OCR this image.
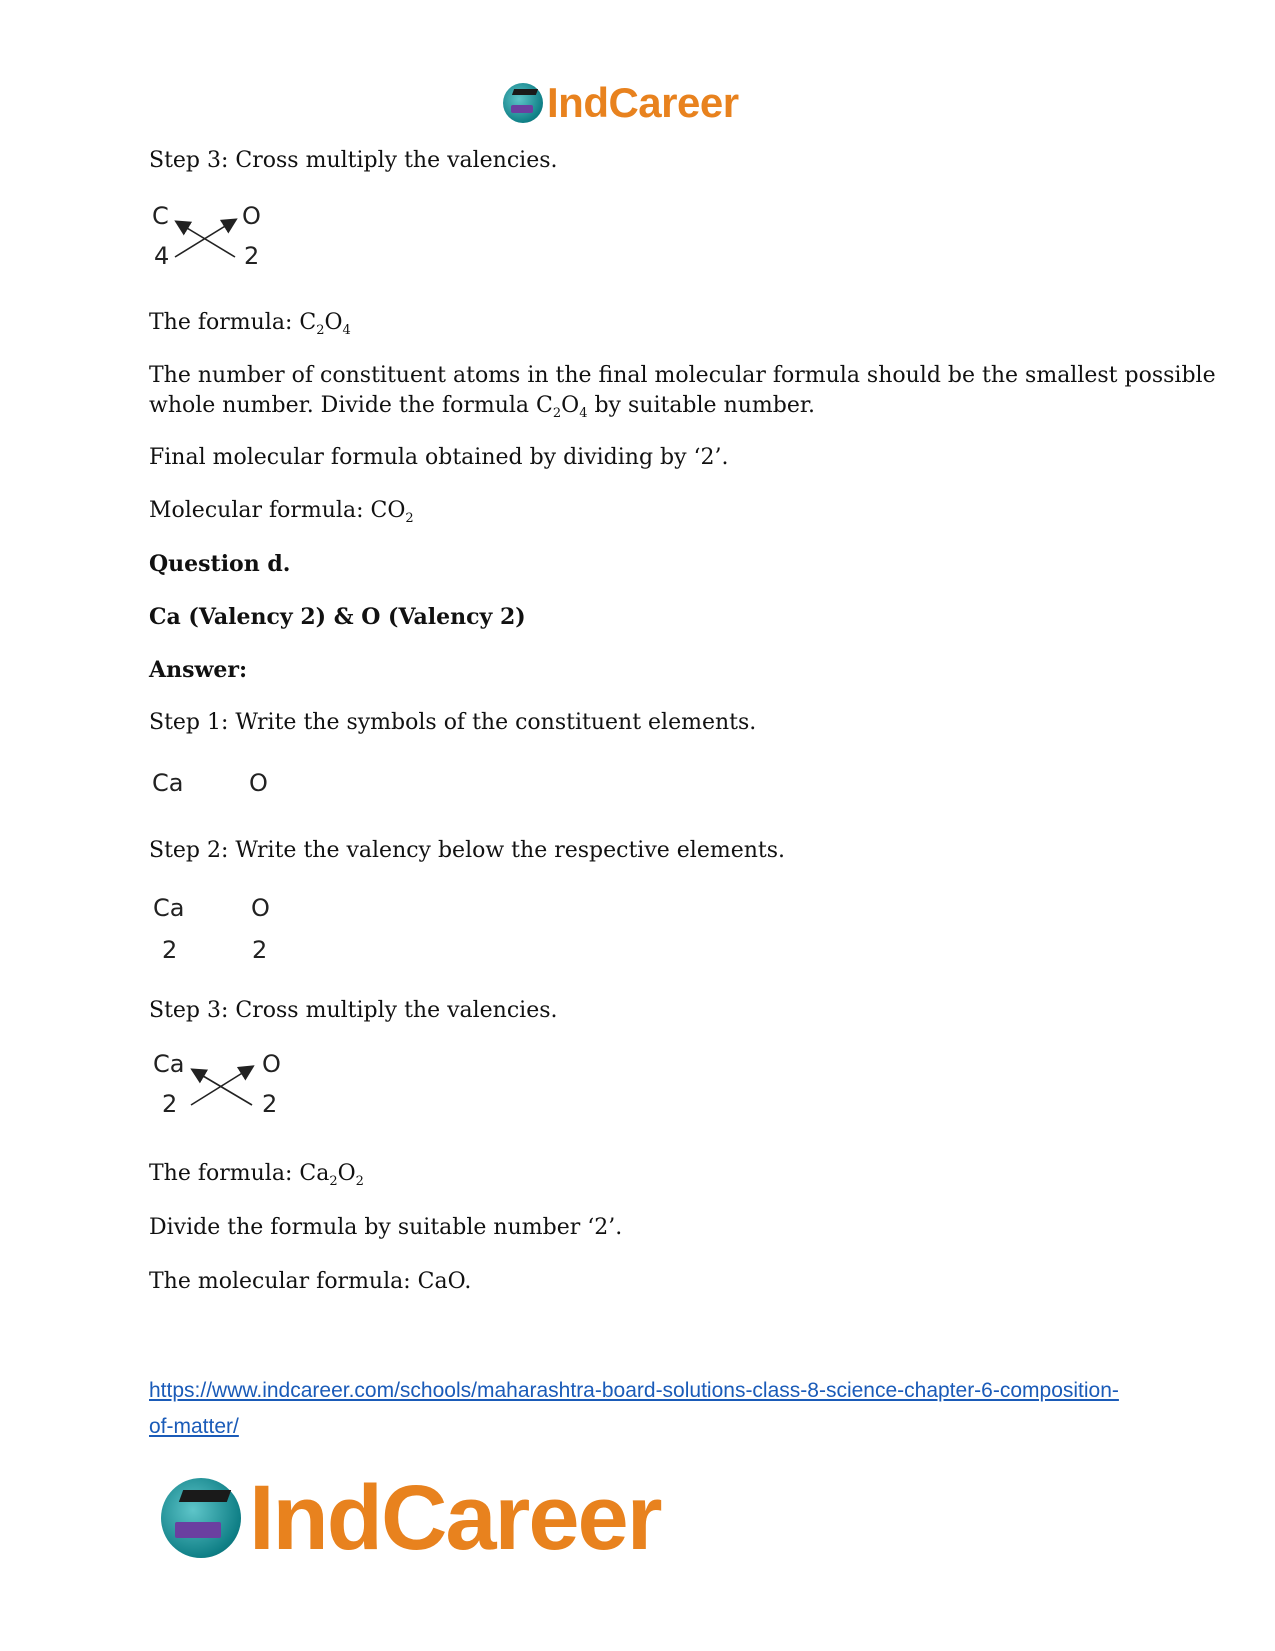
IndCareer
Step 3: Cross multiply the valencies.
C	O
4	2
The formula: $C_2O_4$
The number of constituent atoms in the final molecular formula should be the smallest possible
whole number. Divide the formula $C_2O_4$ by suitable number.
Final molecular formula obtained by dividing by ‘2’.
Molecular formula: $CO_2$
Question d.
Ca (Valency 2) & O (Valency 2)
Answer:
Step 1: Write the symbols of the constituent elements.
Ca	O
Step 2: Write the valency below the respective elements.
Ca	O
2	2
Step 3: Cross multiply the valencies.
Ca	O
2	2
The formula: $Ca_2O_2$
Divide the formula by suitable number ‘2’.
The molecular formula: CaO.
https://www.indcareer.com/schools/maharashtra-board-solutions-class-8-science-chapter-6-composition-of-matter/
IndCareer
